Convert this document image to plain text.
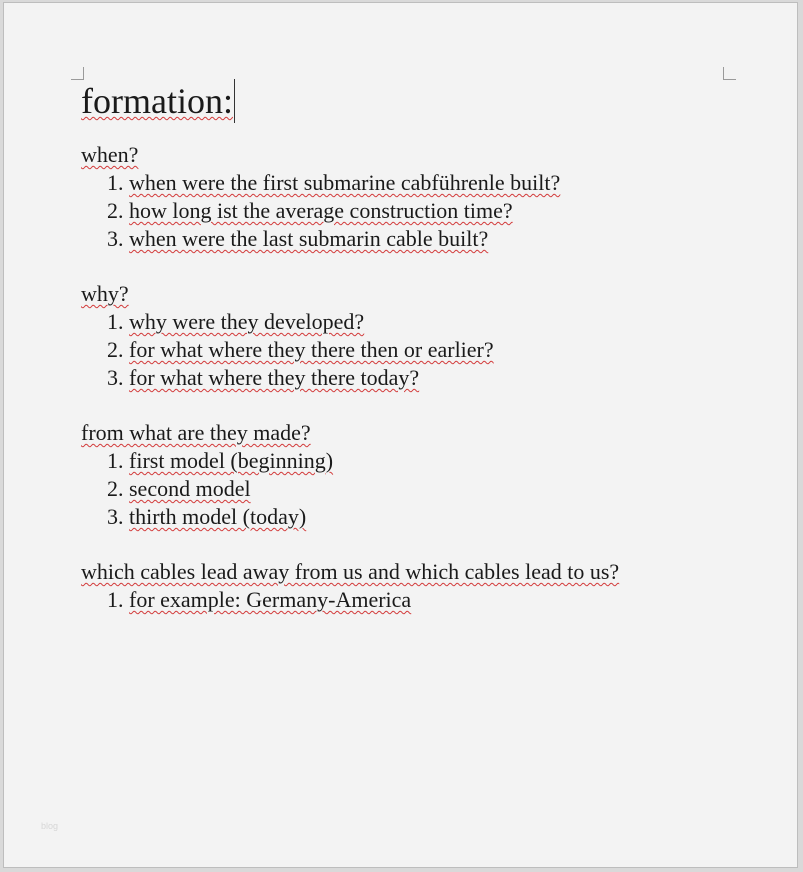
formation:
when?
1. when were the first submarine cabführenle built?
2. how long ist the average construction time?
3. when were the last submarin cable built?
why?
1. why were they developed?
2. for what where they there then or earlier?
3. for what where they there today?
from what are they made?
1. first model (beginning)
2. second model
3. thirth model (today)
which cables lead away from us and which cables lead to us?
1. for example: Germany-America
blog
